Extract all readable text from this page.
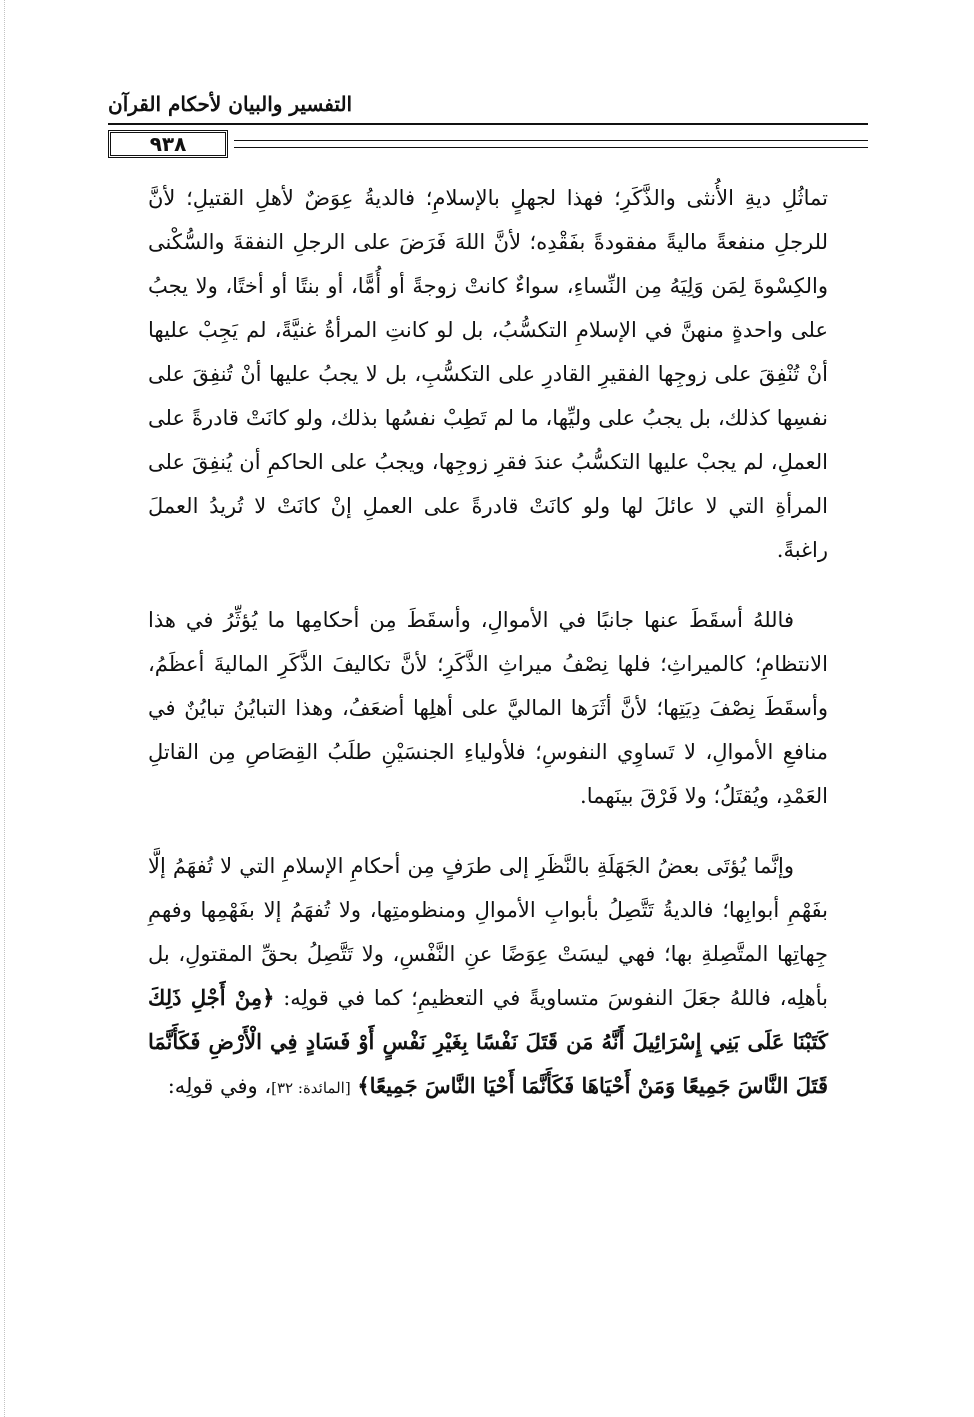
التفسير والبيان لأحكام القرآن
٩٣٨

تماثُلِ ديةِ الأُنثى والذَّكَرِ؛ فهذا لجهلٍ بالإسلامِ؛ فالديةُ عِوَضٌ لأهلِ القتيلِ؛ لأنَّ للرجلِ منفعةً ماليةً مفقودةً بفَقْدِه؛ لأنَّ اللهَ فَرَضَ على الرجلِ النفقةَ والسُّكْنى والكِسْوةَ لِمَن وَلِيَهُ مِن النِّساءِ، سواءٌ كانتْ زوجةً أو أُمًّا، أو بنتًا أو أختًا، ولا يجبُ على واحدةٍ منهنَّ في الإسلامِ التكسُّبُ، بل لو كانتِ المرأةُ غنيَّةً، لم يَجِبْ عليها أنْ تُنْفِقَ على زوجِها الفقيرِ القادرِ على التكسُّبِ، بل لا يجبُ عليها أنْ تُنفِقَ على نفسِها كذلك، بل يجبُ على وليِّها، ما لم تَطِبْ نفسُها بذلك، ولو كانَتْ قادرةً على العملِ، لم يجبْ عليها التكسُّبُ عندَ فقرِ زوجِها، ويجبُ على الحاكمِ أن يُنفِقَ على المرأةِ التي لا عائلَ لها ولو كانَتْ قادرةً على العملِ إنْ كانَتْ لا تُريدُ العملَ راغبةً.

فاللهُ أسقَطَ عنها جانبًا في الأموالِ، وأسقَطَ مِن أحكامِها ما يُؤثِّرُ في هذا الانتظامِ؛ كالميراثِ؛ فلها نِصْفُ ميراثِ الذَّكَرِ؛ لأنَّ تكاليفَ الذَّكَرِ الماليةَ أعظَمُ، وأسقَطَ نِصْفَ دِيَتِها؛ لأنَّ أثَرَها الماليَّ على أهلِها أضعَفُ، وهذا التبايُنُ تبايُنٌ في منافعِ الأموالِ، لا تَساوِي النفوسِ؛ فلأولياءِ الجنسَيْنِ طلَبُ القِصَاصِ مِن القاتلِ العَمْدِ، ويُقتَلُ؛ ولا فَرْقَ بينَهما.

وإنَّما يُؤتَى بعضُ الجَهَلَةِ بالنَّظَرِ إلى طرَفٍ مِن أحكامِ الإسلامِ التي لا تُفهَمُ إلَّا بفَهْمِ أبوابِها؛ فالديةُ تَتَّصِلُ بأبوابِ الأموالِ ومنظومتِها، ولا تُفهَمُ إلا بفَهْمِها وفهمِ جِهاتِها المتَّصِلةِ بها؛ فهي ليسَتْ عِوَضًا عنِ النَّفْسِ، ولا تَتَّصِلُ بحقِّ المقتولِ، بل بأهلِه، فاللهُ جعَلَ النفوسَ متساويةً في التعظيمِ؛ كما في قولِه: ﴿مِنْ أَجْلِ ذَلِكَ كَتَبْنَا عَلَى بَنِي إِسْرَائِيلَ أَنَّهُ مَن قَتَلَ نَفْسًا بِغَيْرِ نَفْسٍ أَوْ فَسَادٍ فِي الْأَرْضِ فَكَأَنَّمَا قَتَلَ النَّاسَ جَمِيعًا وَمَنْ أَحْيَاهَا فَكَأَنَّمَا أَحْيَا النَّاسَ جَمِيعًا﴾ [المائدة: ٣٢]، وفي قولِه:
